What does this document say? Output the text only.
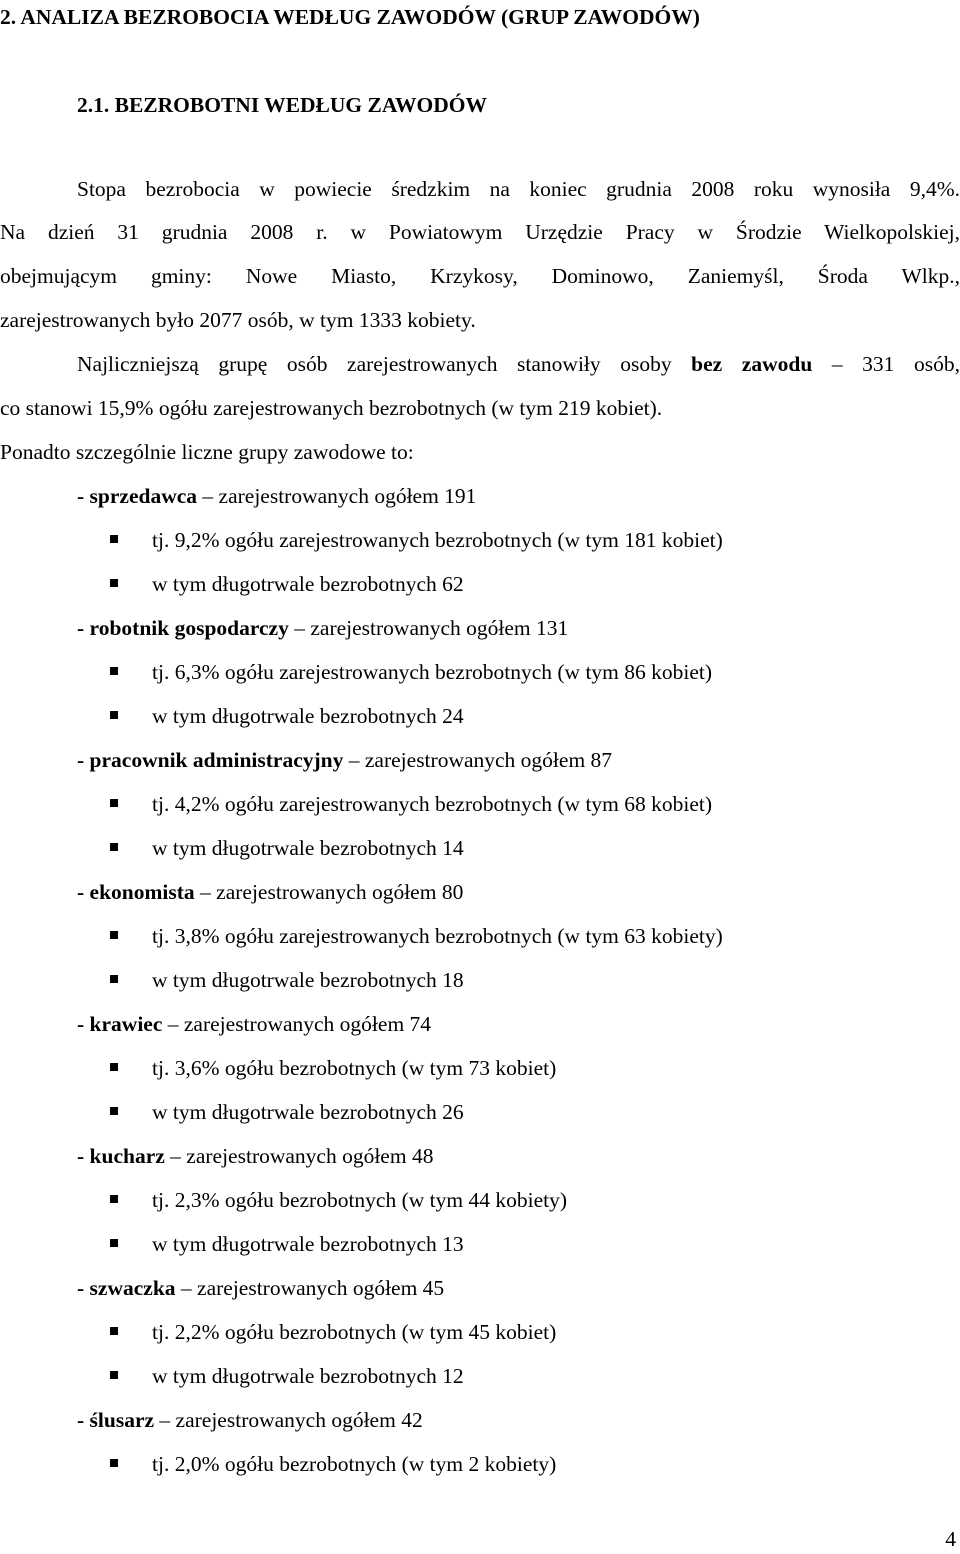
2. ANALIZA BEZROBOCIA WEDŁUG ZAWODÓW (GRUP ZAWODÓW)
2.1. BEZROBOTNI WEDŁUG ZAWODÓW
Stopa bezrobocia w powiecie średzkim na koniec grudnia 2008 roku wynosiła 9,4%.
Na dzień 31 grudnia 2008 r. w Powiatowym Urzędzie Pracy w Środzie Wielkopolskiej,
obejmującym gminy: Nowe Miasto, Krzykosy, Dominowo, Zaniemyśl, Środa Wlkp.,
zarejestrowanych było 2077 osób, w tym 1333 kobiety.
Najliczniejszą grupę osób zarejestrowanych stanowiły osoby bez zawodu – 331 osób,
co stanowi 15,9% ogółu zarejestrowanych bezrobotnych (w tym 219 kobiet).
Ponadto szczególnie liczne grupy zawodowe to:
- sprzedawca – zarejestrowanych ogółem 191
tj. 9,2% ogółu zarejestrowanych bezrobotnych (w tym 181 kobiet)
w tym długotrwale bezrobotnych 62
- robotnik gospodarczy – zarejestrowanych ogółem 131
tj. 6,3% ogółu zarejestrowanych bezrobotnych (w tym 86 kobiet)
w tym długotrwale bezrobotnych 24
- pracownik administracyjny – zarejestrowanych ogółem 87
tj. 4,2% ogółu zarejestrowanych bezrobotnych (w tym 68 kobiet)
w tym długotrwale bezrobotnych 14
- ekonomista – zarejestrowanych ogółem 80
tj. 3,8% ogółu zarejestrowanych bezrobotnych (w tym 63 kobiety)
w tym długotrwale bezrobotnych 18
- krawiec – zarejestrowanych ogółem 74
tj. 3,6% ogółu bezrobotnych (w tym 73 kobiet)
w tym długotrwale bezrobotnych 26
- kucharz – zarejestrowanych ogółem 48
tj. 2,3% ogółu bezrobotnych (w tym 44 kobiety)
w tym długotrwale bezrobotnych 13
- szwaczka – zarejestrowanych ogółem 45
tj. 2,2% ogółu bezrobotnych (w tym 45 kobiet)
w tym długotrwale bezrobotnych 12
- ślusarz – zarejestrowanych ogółem 42
tj. 2,0% ogółu bezrobotnych (w tym 2 kobiety)
4
